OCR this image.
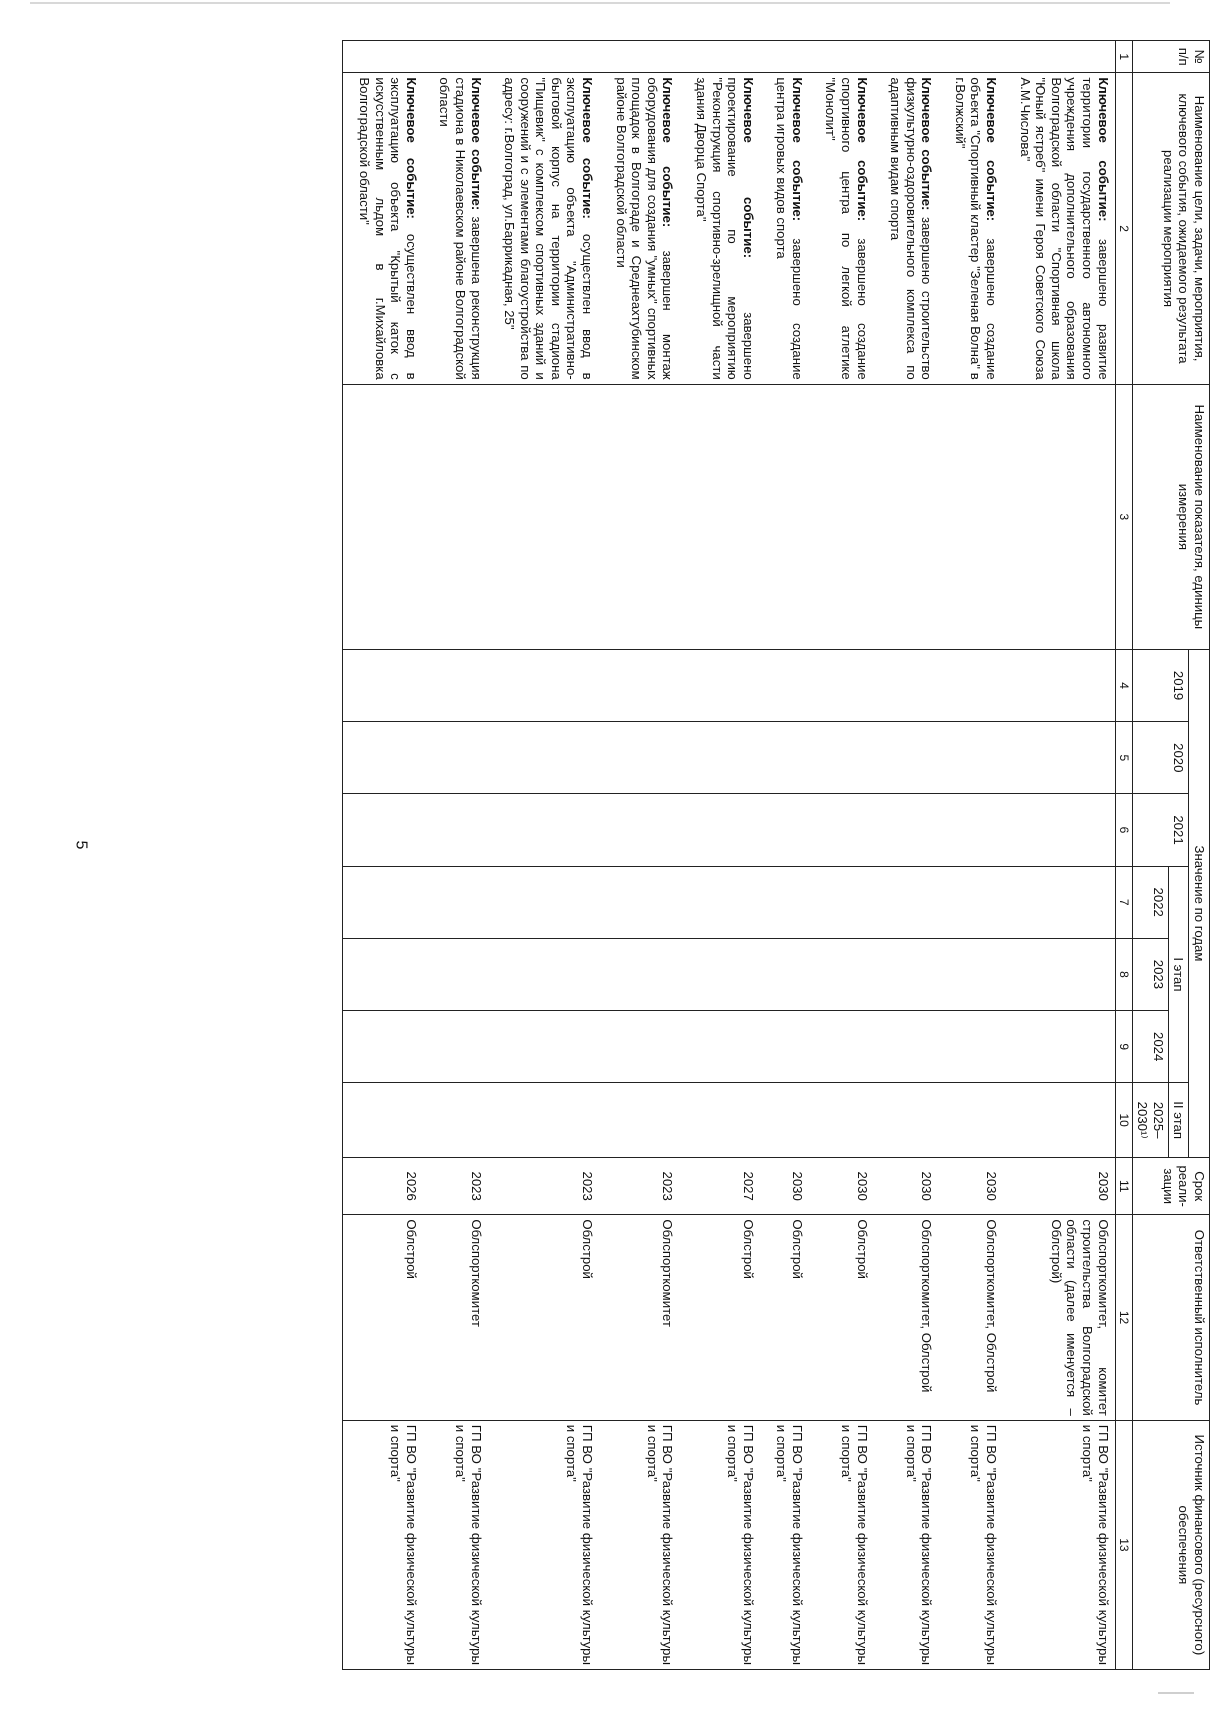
5
№ п/п	Наименование цели, задачи, мероприятия, ключевого события, ожидаемого результата реализации мероприятия	Наименование показателя, единицы измерения	Значение по годам							Срок реали- зации	Ответственный исполнитель	Источник финансового (ресурсного) обеспечения
			2019	2020	2021	I этап			II этап			
						2022	2023	2024	2025–2030¹⁾			
1	2	3	4	5	6	7	8	9	10	11	12	13
	Ключевое событие: завершено развитие территории государственного автономного учреждения дополнительного образования Волгоградской области "Спортивная школа "Юный ястреб" имени Героя Советского Союза А.М.Числова"									2030	Облспорткомитет, комитет строительства Волгоградской области (далее именуется – Облстрой)	ГП ВО "Развитие физической культуры и спорта"
	Ключевое событие: завершено создание объекта "Спортивный кластер "Зеленая Волна" в г.Волжский"									2030	Облспорткомитет, Облстрой	ГП ВО "Развитие физической культуры и спорта"
	Ключевое событие: завершено строительство физкультурно-оздоровительного комплекса по адаптивным видам спорта									2030	Облспорткомитет, Облстрой	ГП ВО "Развитие физической культуры и спорта"
	Ключевое событие: завершено создание спортивного центра по легкой атлетике "Монолит"									2030	Облстрой	ГП ВО "Развитие физической культуры и спорта"
	Ключевое событие: завершено создание центра игровых видов спорта									2030	Облстрой	ГП ВО "Развитие физической культуры и спорта"
	Ключевое событие: завершено проектирование по мероприятию "Реконструкция спортивно-зрелищной части здания Дворца Спорта"									2027	Облстрой	ГП ВО "Развитие физической культуры и спорта"
	Ключевое событие: завершен монтаж оборудования для создания "умных" спортивных площадок в Волгограде и Среднеахтубинском районе Волгоградской области									2023	Облспорткомитет	ГП ВО "Развитие физической культуры и спорта"
	Ключевое событие: осуществлен ввод в эксплуатацию объекта "Административно-бытовой корпус на территории стадиона "Пищевик" с комплексом спортивных зданий и сооружений и с элементами благоустройства по адресу: г.Волгоград, ул.Баррикадная, 25"									2023	Облстрой	ГП ВО "Развитие физической культуры и спорта"
	Ключевое событие: завершена реконструкция стадиона в Николаевском районе Волгоградской области									2023	Облспорткомитет	ГП ВО "Развитие физической культуры и спорта"
	Ключевое событие: осуществлен ввод в эксплуатацию объекта "Крытый каток с искусственным льдом в г.Михайловка Волгоградской области"									2026	Облстрой	ГП ВО "Развитие физической культуры и спорта"
